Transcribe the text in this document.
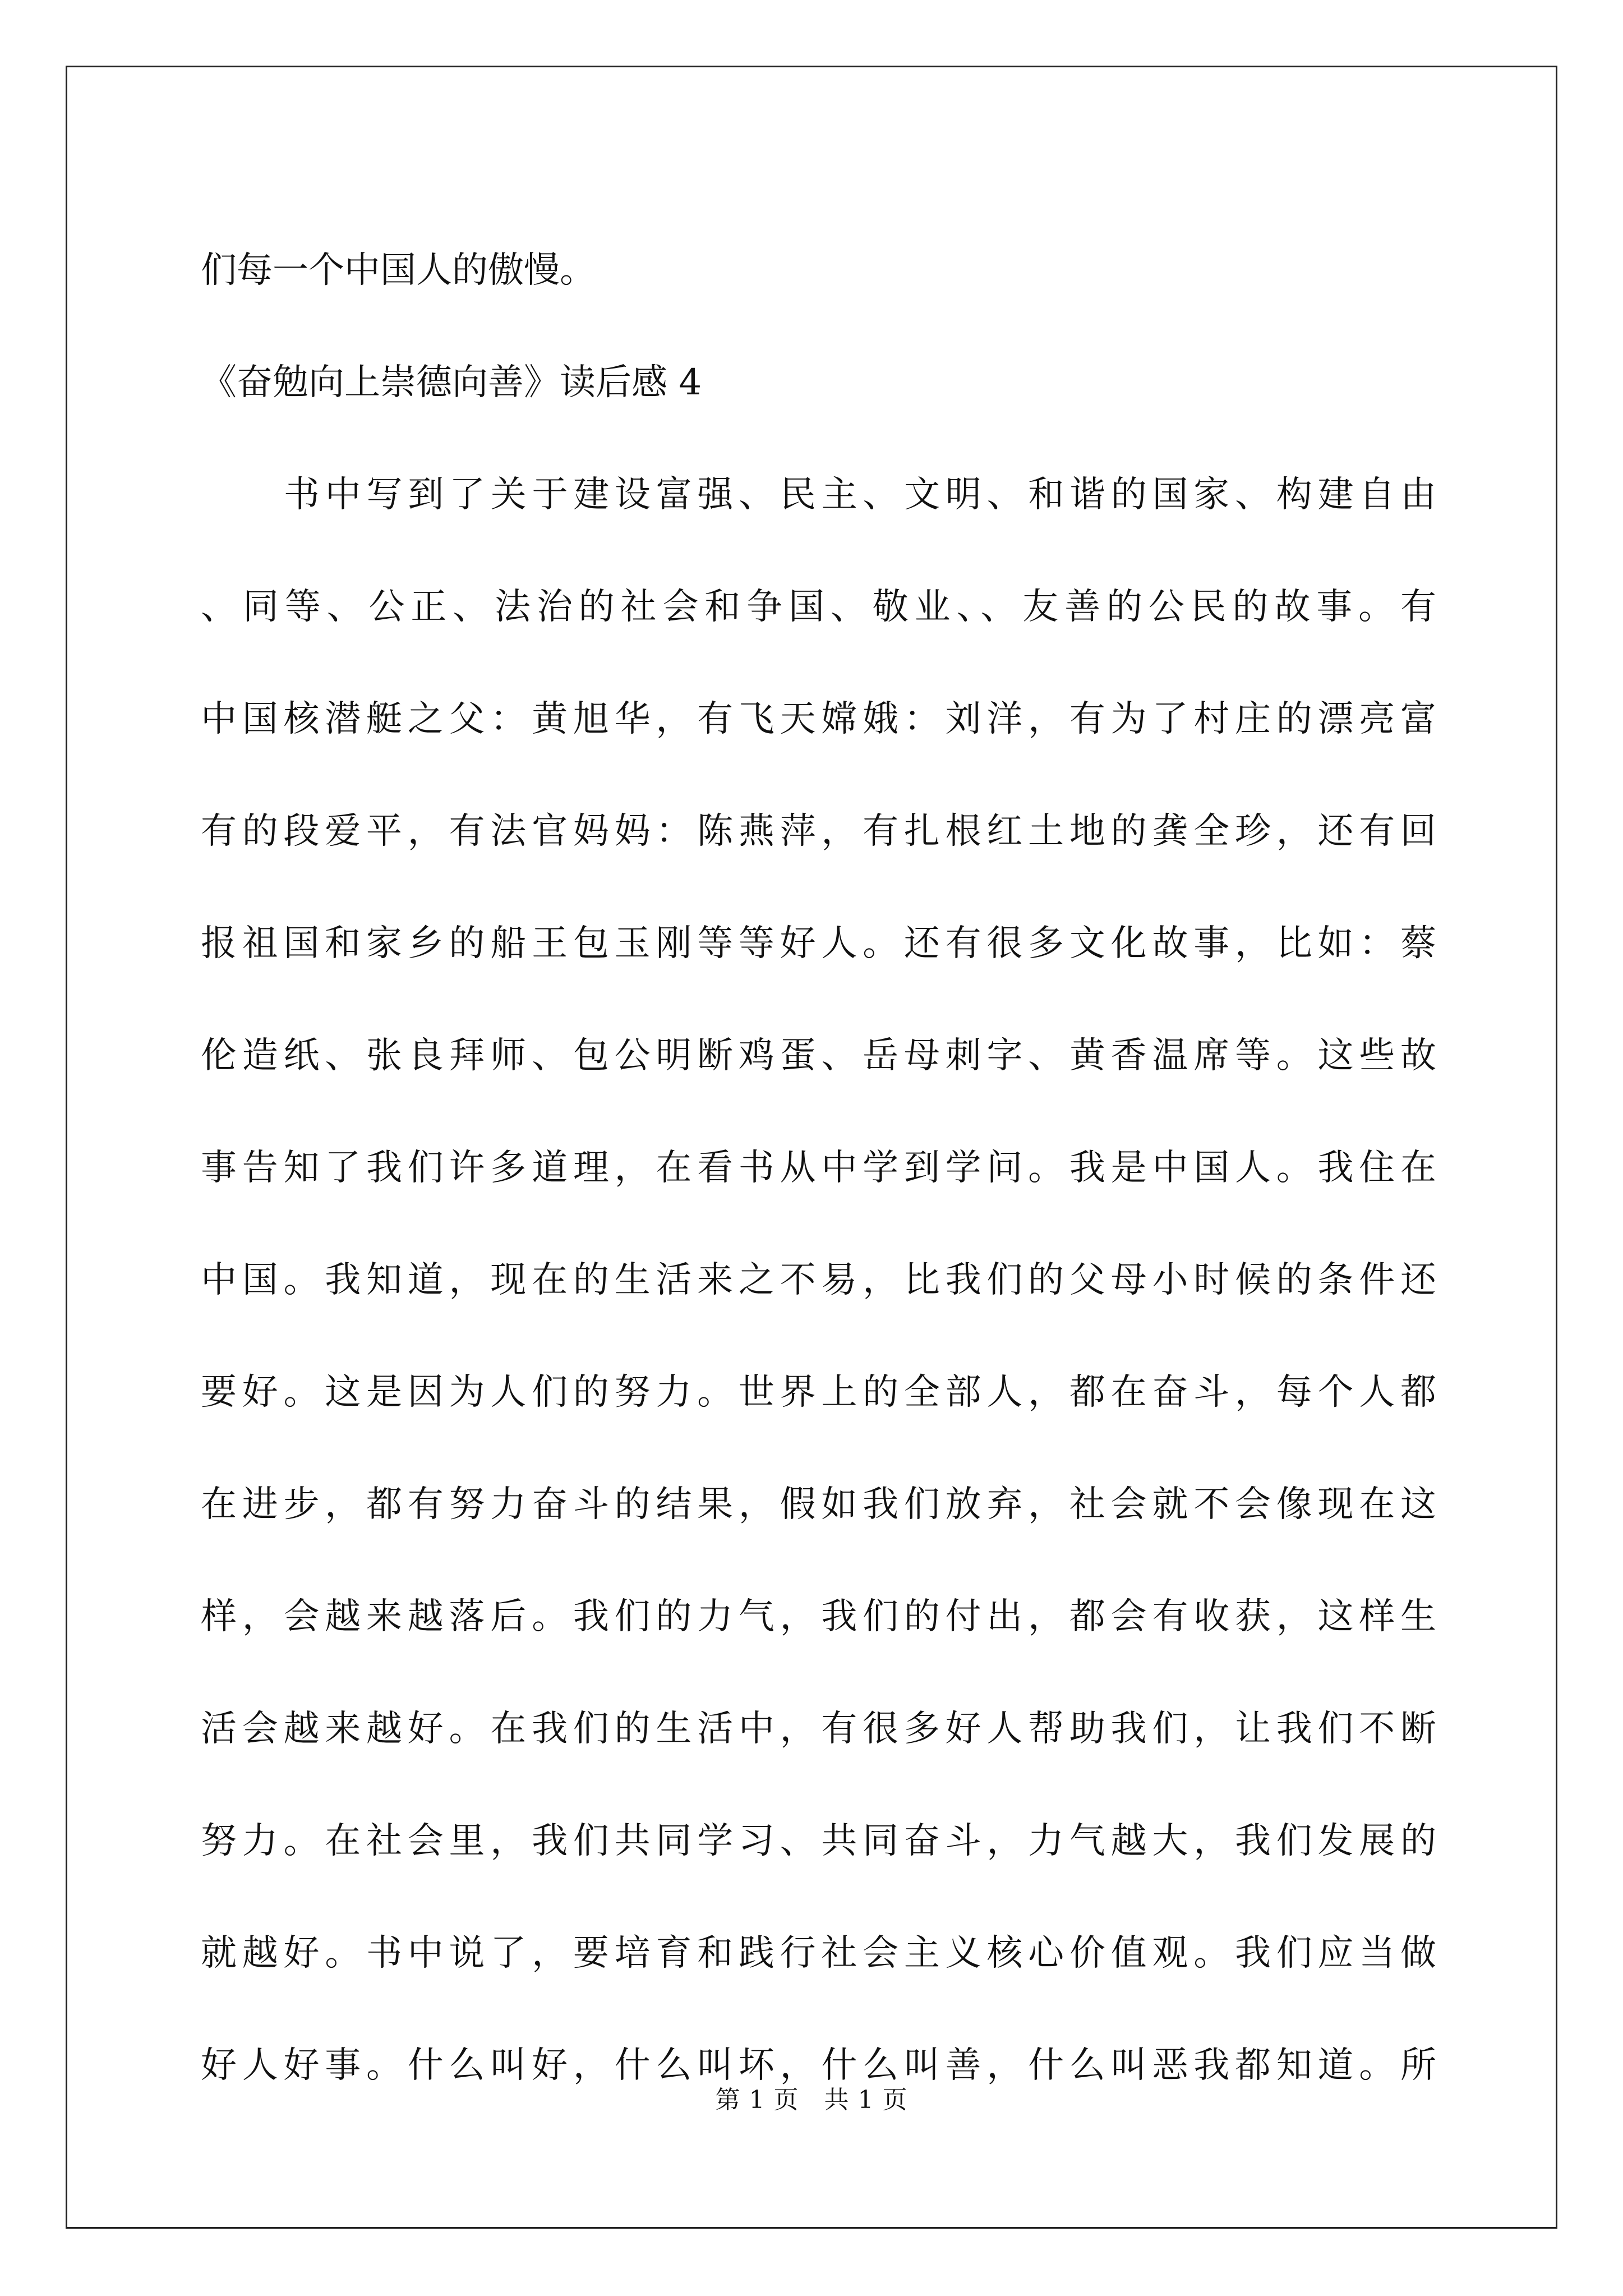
们每一个中国人的傲慢。
《奋勉向上崇德向善》读后感 4
书中写到了关于建设富强、民主、文明、和谐的国家、构建自由
、同等、公正、法治的社会和争国、敬业、、友善的公民的故事。有
中国核潜艇之父：黄旭华，有飞天嫦娥：刘洋，有为了村庄的漂亮富
有的段爱平，有法官妈妈：陈燕萍，有扎根红土地的龚全珍，还有回
报祖国和家乡的船王包玉刚等等好人。还有很多文化故事，比如：蔡
伦造纸、张良拜师、包公明断鸡蛋、岳母刺字、黄香温席等。这些故
事告知了我们许多道理，在看书从中学到学问。我是中国人。我住在
中国。我知道，现在的生活来之不易，比我们的父母小时候的条件还
要好。这是因为人们的努力。世界上的全部人，都在奋斗，每个人都
在进步，都有努力奋斗的结果，假如我们放弃，社会就不会像现在这
样，会越来越落后。我们的力气，我们的付出，都会有收获，这样生
活会越来越好。在我们的生活中，有很多好人帮助我们，让我们不断
努力。在社会里，我们共同学习、共同奋斗，力气越大，我们发展的
就越好。书中说了，要培育和践行社会主义核心价值观。我们应当做
好人好事。什么叫好，什么叫坏，什么叫善，什么叫恶我都知道。所
第 1 页　共 1 页
